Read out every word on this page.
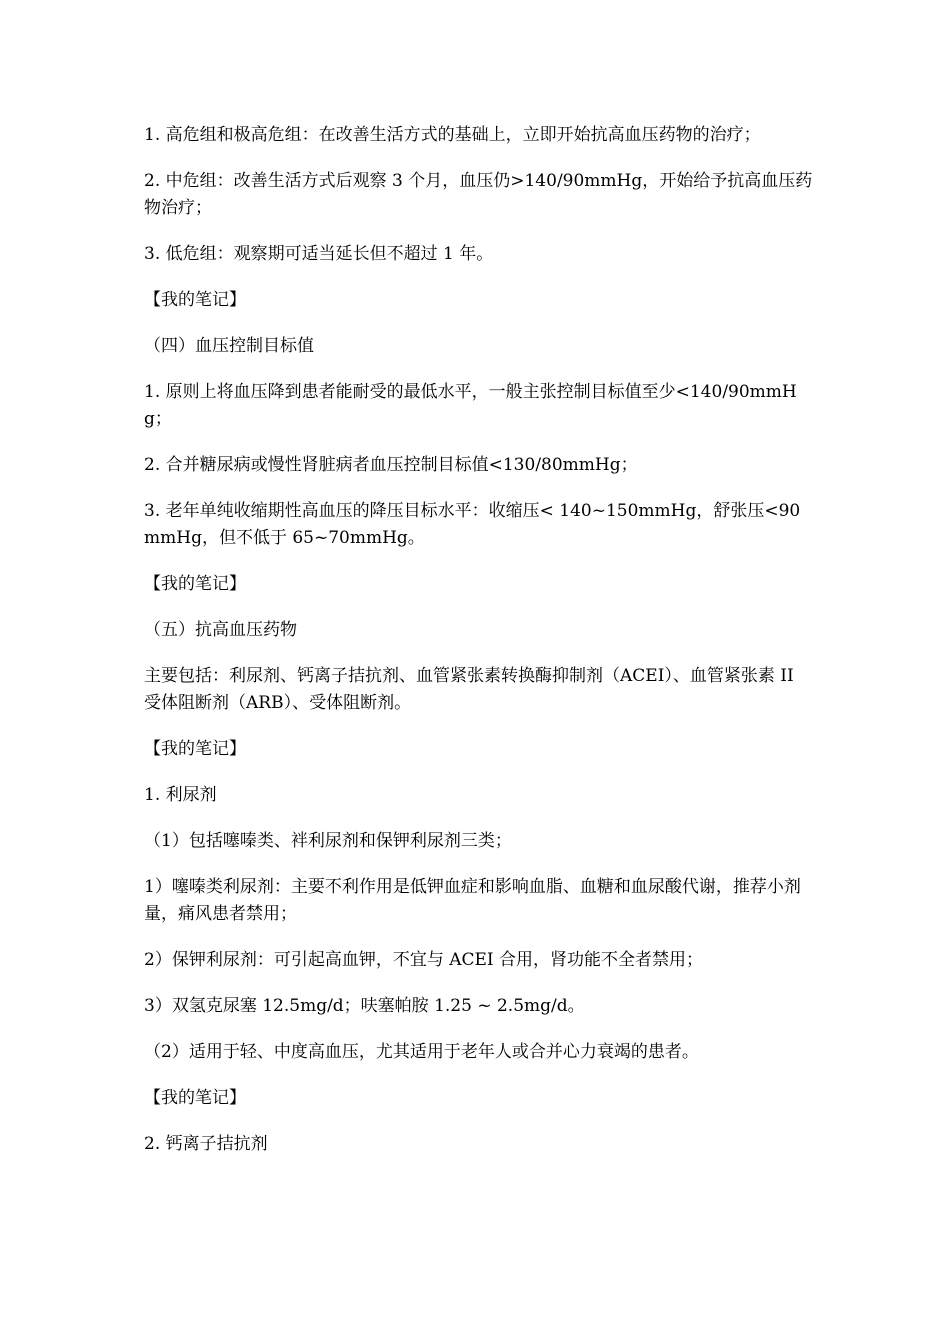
1. 高危组和极高危组：在改善生活方式的基础上，立即开始抗高血压药物的治疗；

2. 中危组：改善生活方式后观察 3 个月，血压仍>140/90mmHg，开始给予抗高血压药物治疗；

3. 低危组：观察期可适当延长但不超过 1 年。

【我的笔记】

（四）血压控制目标值

1. 原则上将血压降到患者能耐受的最低水平，一般主张控制目标值至少<140/90mmHg；

2. 合并糖尿病或慢性肾脏病者血压控制目标值<130/80mmHg；

3. 老年单纯收缩期性高血压的降压目标水平：收缩压< 140~150mmHg，舒张压<90mmHg，但不低于 65~70mmHg。

【我的笔记】

（五）抗高血压药物

主要包括：利尿剂、钙离子拮抗剂、血管紧张素转换酶抑制剂（ACEI）、血管紧张素 II 受体阻断剂（ARB）、受体阻断剂。

【我的笔记】

1. 利尿剂

（1）包括噻嗪类、袢利尿剂和保钾利尿剂三类；

1）噻嗪类利尿剂：主要不利作用是低钾血症和影响血脂、血糖和血尿酸代谢，推荐小剂量，痛风患者禁用；

2）保钾利尿剂：可引起高血钾，不宜与 ACEI 合用，肾功能不全者禁用；

3）双氢克尿塞 12.5mg/d；呋塞帕胺 1.25 ~ 2.5mg/d。

（2）适用于轻、中度高血压，尤其适用于老年人或合并心力衰竭的患者。

【我的笔记】

2. 钙离子拮抗剂
